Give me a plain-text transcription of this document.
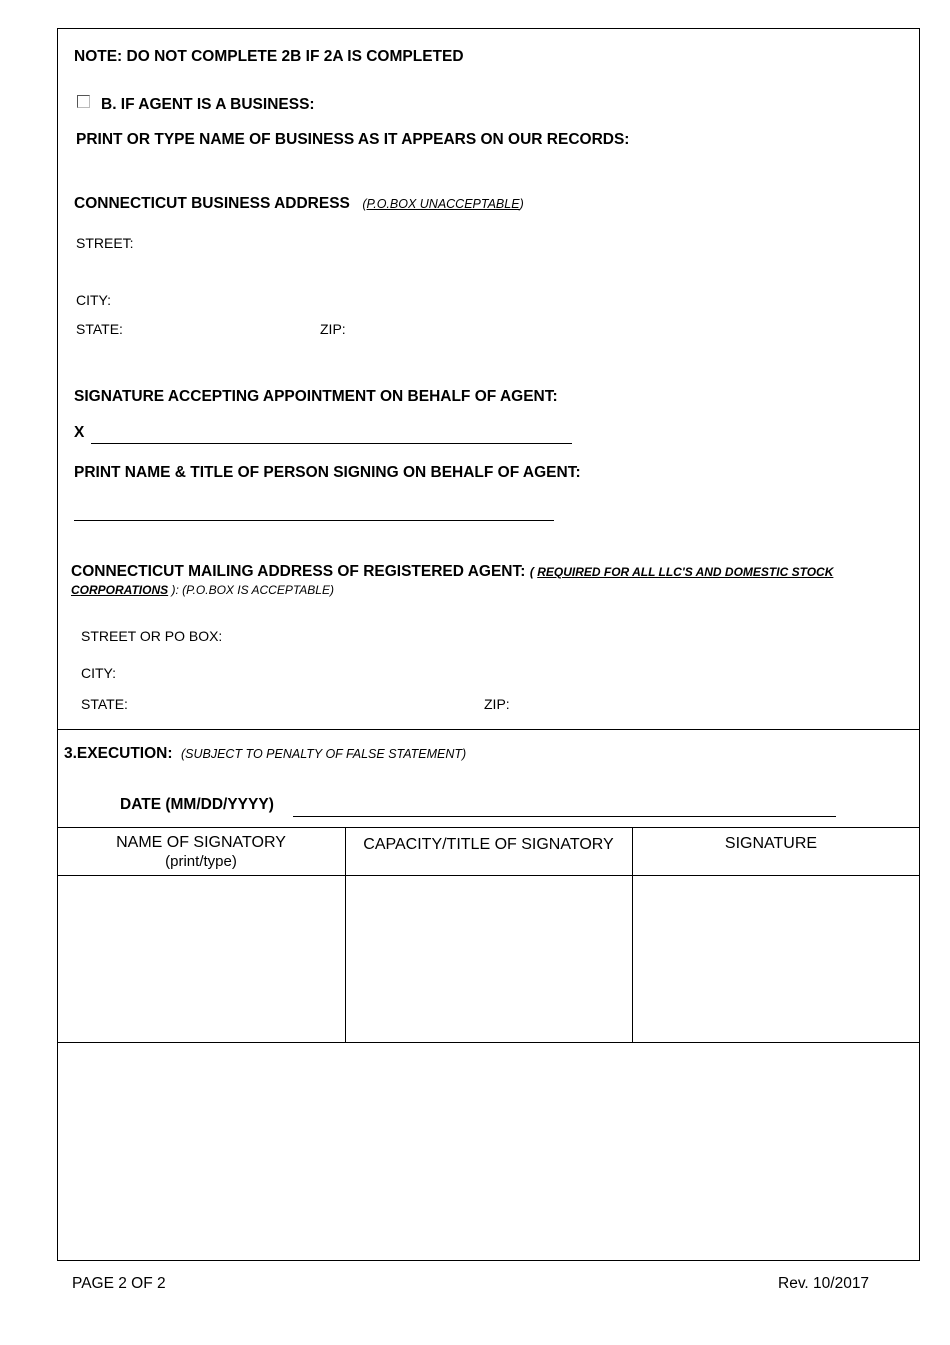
NOTE: DO NOT COMPLETE 2B IF 2A IS COMPLETED
B. IF AGENT IS A BUSINESS:
PRINT OR TYPE NAME OF BUSINESS AS IT APPEARS ON OUR RECORDS:
CONNECTICUT BUSINESS ADDRESS (P.O.BOX UNACCEPTABLE)
STREET:
CITY:
STATE:	ZIP:
SIGNATURE ACCEPTING APPOINTMENT ON BEHALF OF AGENT:
X
PRINT NAME & TITLE OF PERSON SIGNING ON BEHALF OF AGENT:
CONNECTICUT MAILING ADDRESS OF REGISTERED AGENT: ( REQUIRED FOR ALL LLC'S AND DOMESTIC STOCK
CORPORATIONS ): (P.O.BOX IS ACCEPTABLE)
STREET OR PO BOX:
CITY:
STATE:	ZIP:
3.EXECUTION: (SUBJECT TO PENALTY OF FALSE STATEMENT)
DATE (MM/DD/YYYY)
NAME OF SIGNATORY
(print/type)
CAPACITY/TITLE OF SIGNATORY	SIGNATURE
PAGE 2 OF 2	Rev. 10/2017
